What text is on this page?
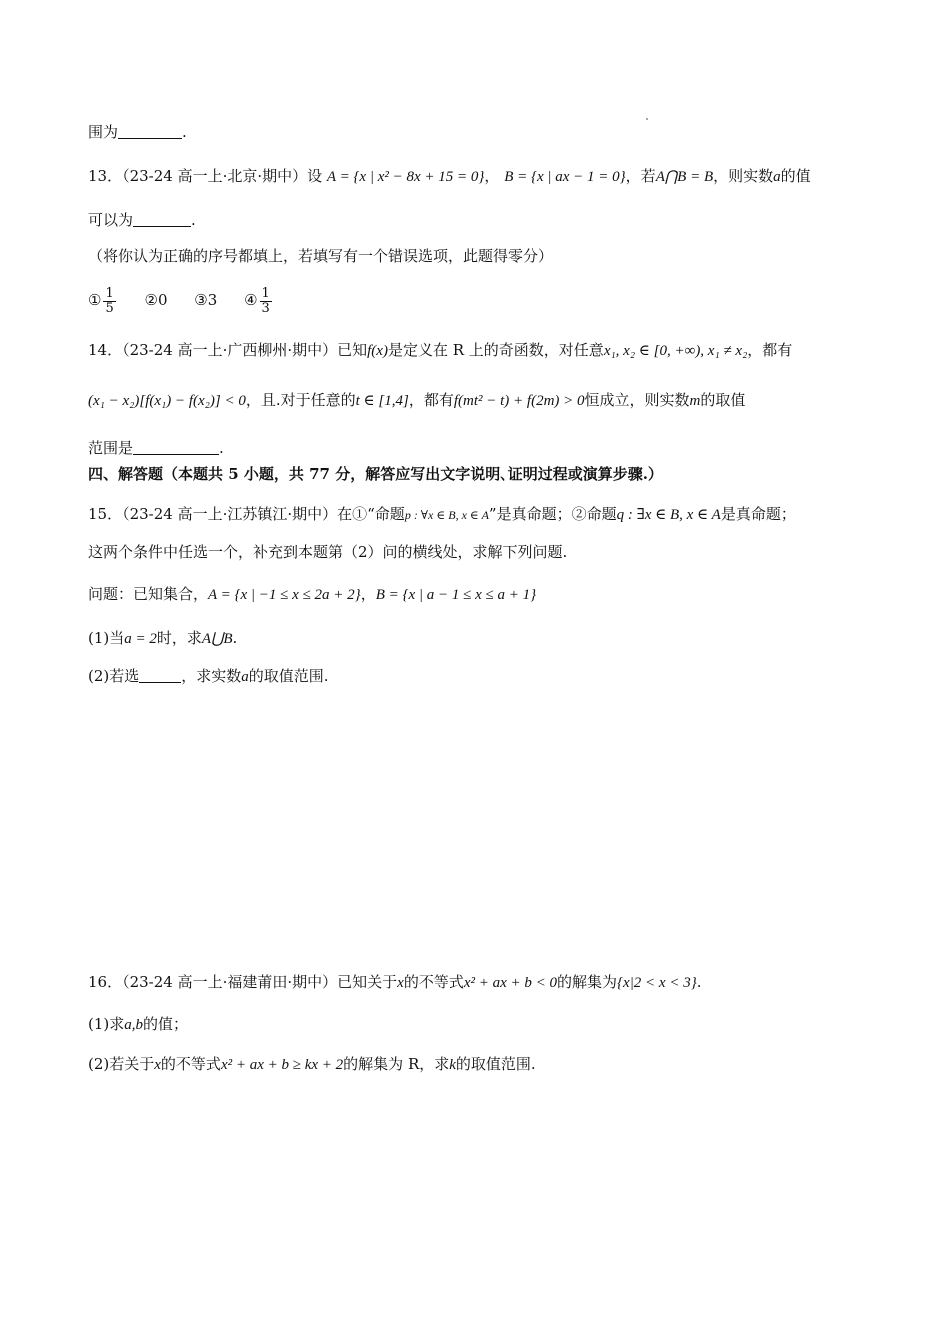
围为	.
13．（23-24 高一上·北京·期中）设 A = {x | x² − 8x + 15 = 0}， B = {x | ax − 1 = 0}，若A⋂B = B，则实数a的值
可以为	.
（将你认为正确的序号都填上，若填写有一个错误选项，此题得零分）
① $\frac{1}{5}$ ②0 ③3 ④ $\frac{1}{3}$
14．（23-24 高一上·广西柳州·期中）已知f(x)是定义在 R 上的奇函数，对任意x₁, x₂ ∈ [0, +∞), x₁ ≠ x₂，都有
(x₁ − x₂)[f(x₁) − f(x₂)] < 0，且.对于任意的t ∈ [1,4]，都有f(mt² − t) + f(2m) > 0恒成立，则实数m的取值
范围是	.
四、解答题（本题共 5 小题，共 77 分，解答应写出文字说明､证明过程或演算步骤.）
15．（23-24 高一上·江苏镇江·期中）在①“命题p : ∀x ∈ B, x ∈ A”是真命题；②命题q : ∃x ∈ B, x ∈ A是真命题；
这两个条件中任选一个，补充到本题第（2）问的横线处，求解下列问题.
问题：已知集合，A = {x | −1 ≤ x ≤ 2a + 2}，B = {x | a − 1 ≤ x ≤ a + 1}
(1)当a = 2时，求A⋃B.
(2)若选	，求实数a的取值范围.
16．（23-24 高一上·福建莆田·期中）已知关于x的不等式x² + ax + b < 0的解集为{x|2 < x < 3}.
(1)求a,b的值；
(2)若关于x的不等式x² + ax + b ≥ kx + 2的解集为 R，求k的取值范围.
